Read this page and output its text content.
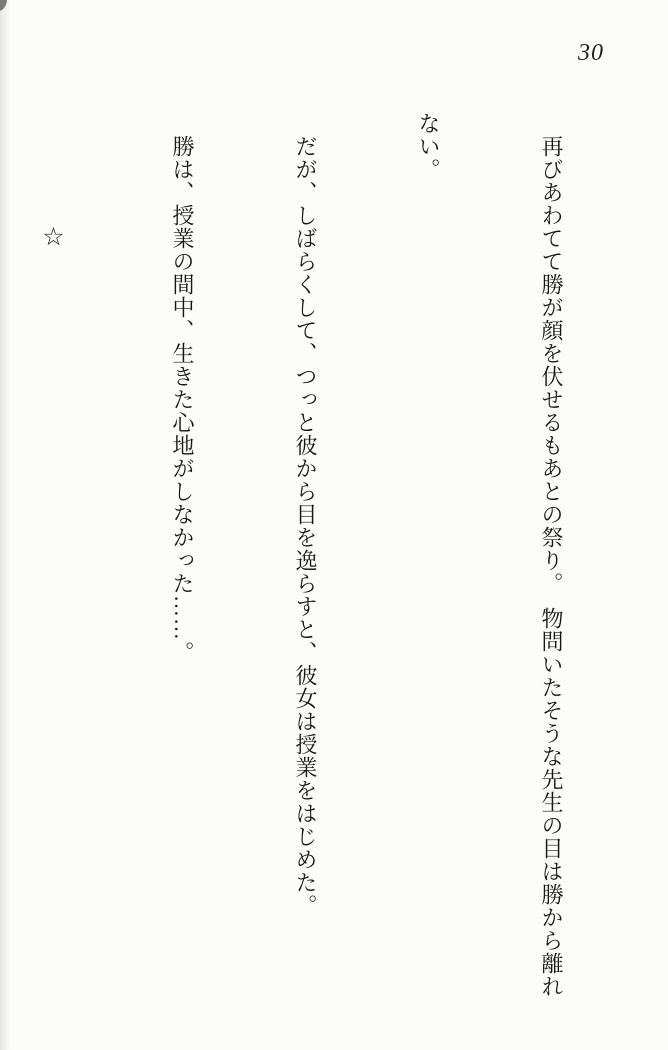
30

　再びあわてて勝が顔を伏せるもあとの祭り。　物問いたそうな先生の目は勝から離れ

ない。

　だが、しばらくして、つっと彼から目を逸らすと、彼女は授業をはじめた。

　勝は、授業の間中、生きた心地がしなかった……。

☆
